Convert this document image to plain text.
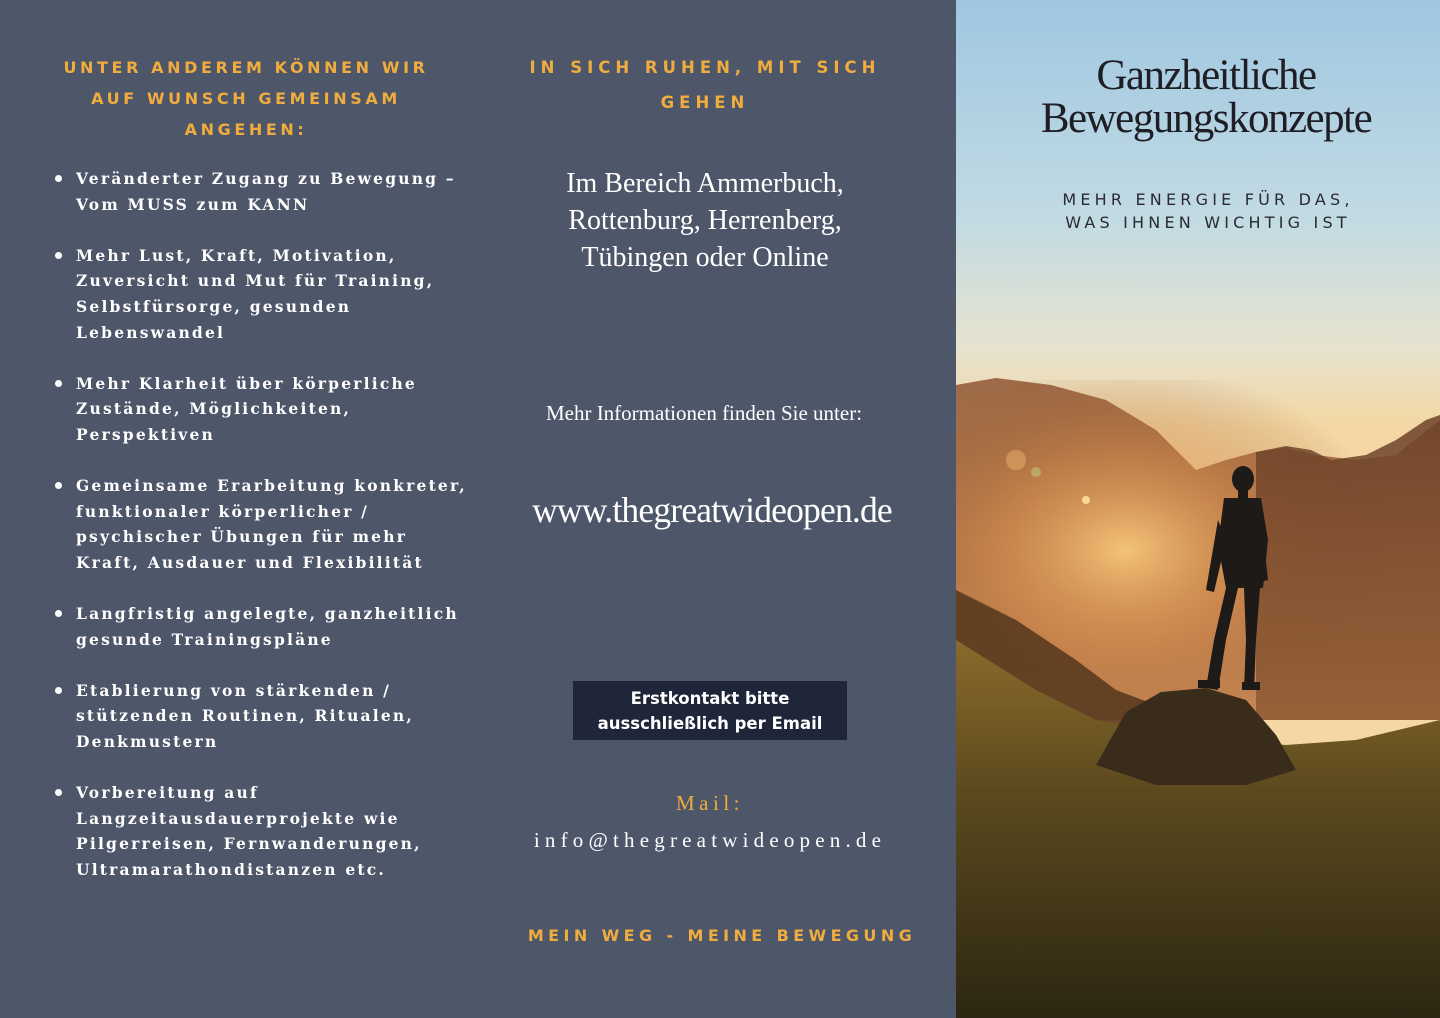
UNTER ANDEREM KÖNNEN WIR AUF WUNSCH GEMEINSAM ANGEHEN:
Veränderter Zugang zu Bewegung – Vom MUSS zum KANN
Mehr Lust, Kraft, Motivation, Zuversicht und Mut für Training, Selbstfürsorge, gesunden Lebenswandel
Mehr Klarheit über körperliche Zustände, Möglichkeiten, Perspektiven
Gemeinsame Erarbeitung konkreter, funktionaler körperlicher / psychischer Übungen für mehr Kraft, Ausdauer und Flexibilität
Langfristig angelegte, ganzheitlich gesunde Trainingspläne
Etablierung von stärkenden / stützenden Routinen, Ritualen, Denkmustern
Vorbereitung auf Langzeitausdauerprojekte wie Pilgerreisen, Fernwanderungen, Ultramarathondistanzen etc.
IN SICH RUHEN, MIT SICH GEHEN
Im Bereich Ammerbuch,
Rottenburg, Herrenberg,
Tübingen oder Online
Mehr Informationen finden Sie unter:
www.thegreatwideopen.de
Erstkontakt bitte
ausschließlich per Email
Mail:
info@thegreatwideopen.de
MEIN WEG - MEINE BEWEGUNG
Ganzheitliche
Bewegungskonzepte
MEHR ENERGIE FÜR DAS,
WAS IHNEN WICHTIG IST
